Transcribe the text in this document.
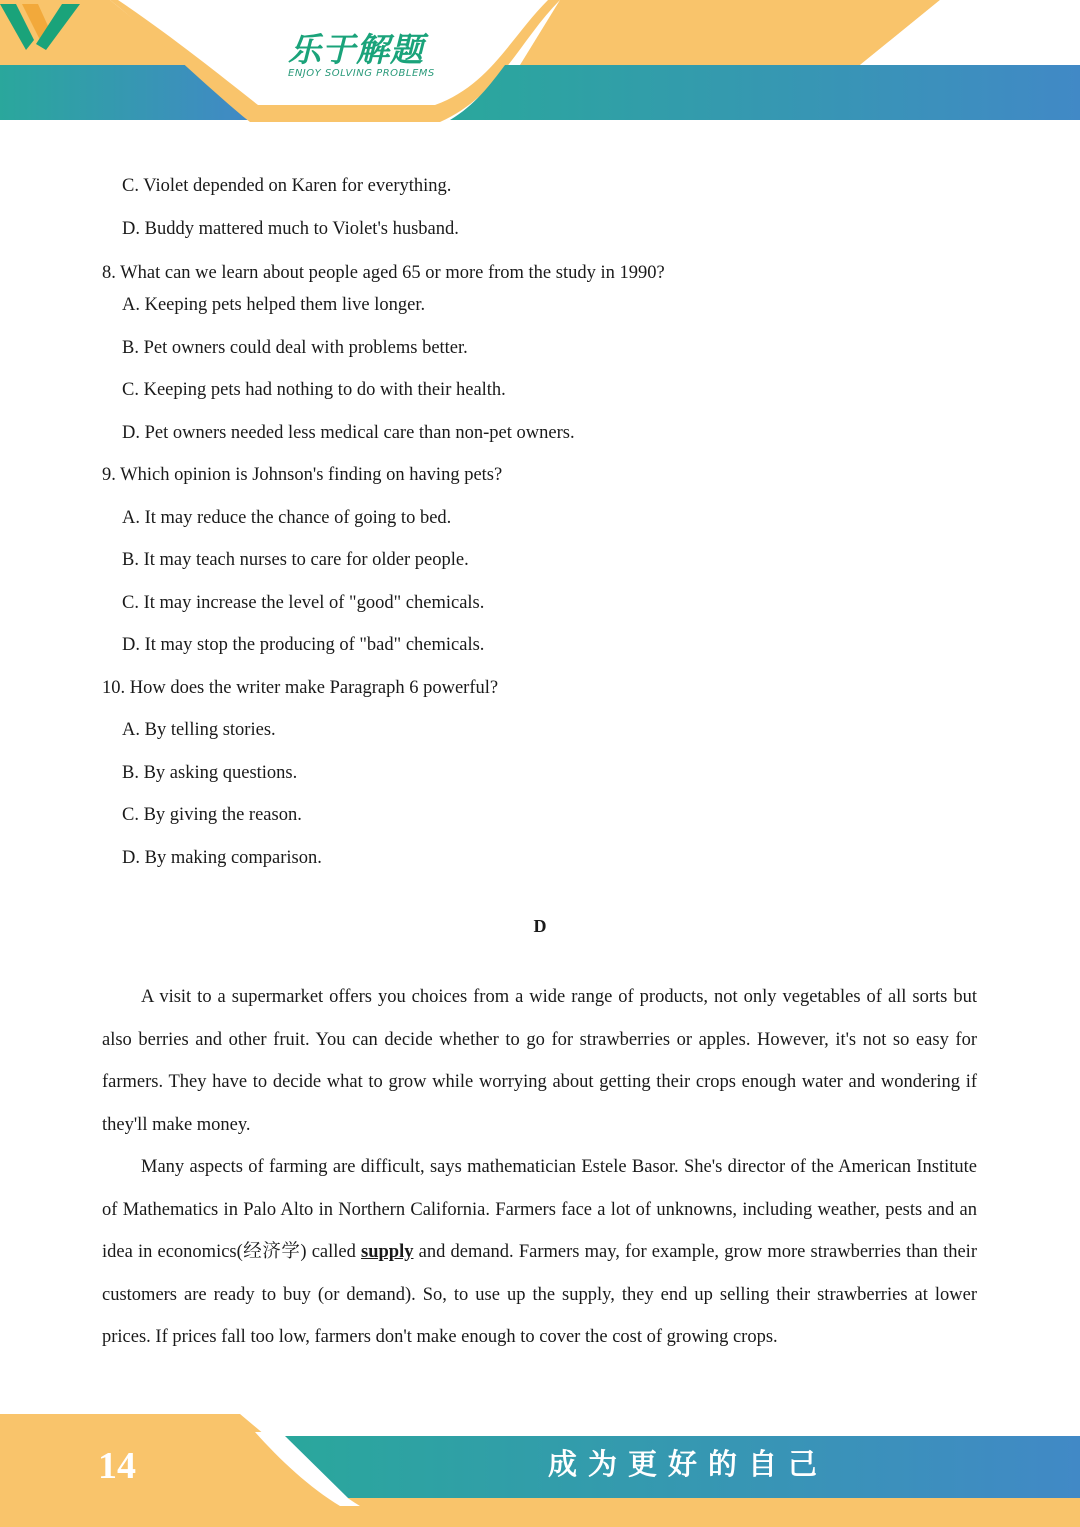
乐于解题
ENJOY SOLVING PROBLEMS
C. Violet depended on Karen for everything.
D. Buddy mattered much to Violet's husband.
8. What can we learn about people aged 65 or more from the study in 1990?
A. Keeping pets helped them live longer.
B. Pet owners could deal with problems better.
C. Keeping pets had nothing to do with their health.
D. Pet owners needed less medical care than non-pet owners.
9. Which opinion is Johnson's finding on having pets?
A. It may reduce the chance of going to bed.
B. It may teach nurses to care for older people.
C. It may increase the level of "good" chemicals.
D. It may stop the producing of "bad" chemicals.
10. How does the writer make Paragraph 6 powerful?
A. By telling stories.
B. By asking questions.
C. By giving the reason.
D. By making comparison.
D

A visit to a supermarket offers you choices from a wide range of products, not only vegetables of all sorts but also berries and other fruit. You can decide whether to go for strawberries or apples. However, it's not so easy for farmers. They have to decide what to grow while worrying about getting their crops enough water and wondering if they'll make money.

Many aspects of farming are difficult, says mathematician Estele Basor. She's director of the American Institute of Mathematics in Palo Alto in Northern California. Farmers face a lot of unknowns, including weather, pests and an idea in economics(经济学) called supply and demand. Farmers may, for example, grow more strawberries than their customers are ready to buy (or demand). So, to use up the supply, they end up selling their strawberries at lower prices. If prices fall too low, farmers don't make enough to cover the cost of growing crops.

14	成为更好的自己
